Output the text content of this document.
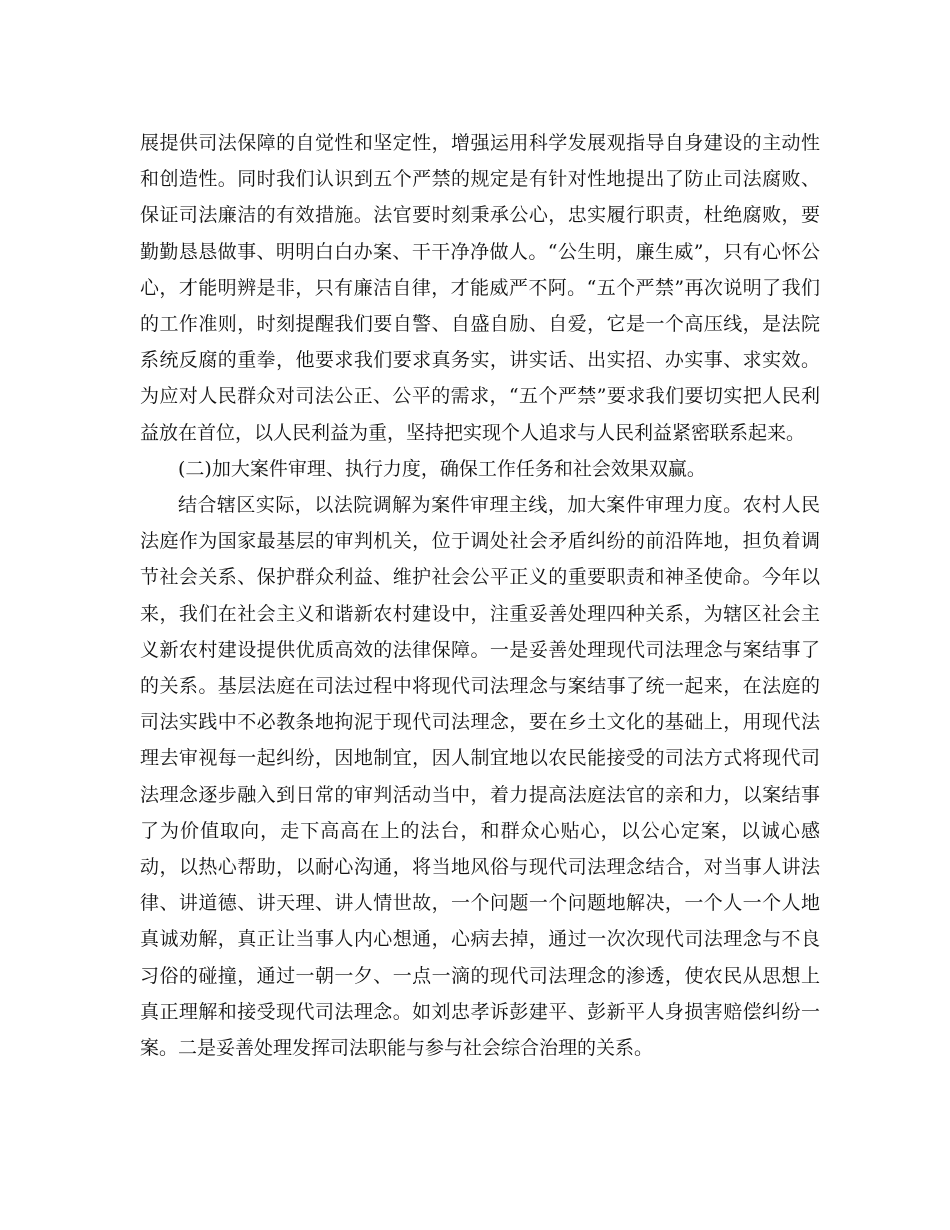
展提供司法保障的自觉性和坚定性，增强运用科学发展观指导自身建设的主动性和创造性。同时我们认识到五个严禁的规定是有针对性地提出了防止司法腐败、保证司法廉洁的有效措施。法官要时刻秉承公心，忠实履行职责，杜绝腐败，要勤勤恳恳做事、明明白白办案、干干净净做人。“公生明，廉生威”，只有心怀公心，才能明辨是非，只有廉洁自律，才能威严不阿。“五个严禁”再次说明了我们的工作准则，时刻提醒我们要自警、自盛自励、自爱，它是一个高压线，是法院系统反腐的重拳，他要求我们要求真务实，讲实话、出实招、办实事、求实效。为应对人民群众对司法公正、公平的需求，“五个严禁”要求我们要切实把人民利益放在首位，以人民利益为重，坚持把实现个人追求与人民利益紧密联系起来。

(二)加大案件审理、执行力度，确保工作任务和社会效果双赢。

结合辖区实际，以法院调解为案件审理主线，加大案件审理力度。农村人民法庭作为国家最基层的审判机关，位于调处社会矛盾纠纷的前沿阵地，担负着调节社会关系、保护群众利益、维护社会公平正义的重要职责和神圣使命。今年以来，我们在社会主义和谐新农村建设中，注重妥善处理四种关系，为辖区社会主义新农村建设提供优质高效的法律保障。一是妥善处理现代司法理念与案结事了的关系。基层法庭在司法过程中将现代司法理念与案结事了统一起来，在法庭的司法实践中不必教条地拘泥于现代司法理念，要在乡土文化的基础上，用现代法理去审视每一起纠纷，因地制宜，因人制宜地以农民能接受的司法方式将现代司法理念逐步融入到日常的审判活动当中，着力提高法庭法官的亲和力，以案结事了为价值取向，走下高高在上的法台，和群众心贴心，以公心定案，以诚心感动，以热心帮助，以耐心沟通，将当地风俗与现代司法理念结合，对当事人讲法律、讲道德、讲天理、讲人情世故，一个问题一个问题地解决，一个人一个人地真诚劝解，真正让当事人内心想通，心病去掉，通过一次次现代司法理念与不良习俗的碰撞，通过一朝一夕、一点一滴的现代司法理念的渗透，使农民从思想上真正理解和接受现代司法理念。如刘忠孝诉彭建平、彭新平人身损害赔偿纠纷一案。二是妥善处理发挥司法职能与参与社会综合治理的关系。
